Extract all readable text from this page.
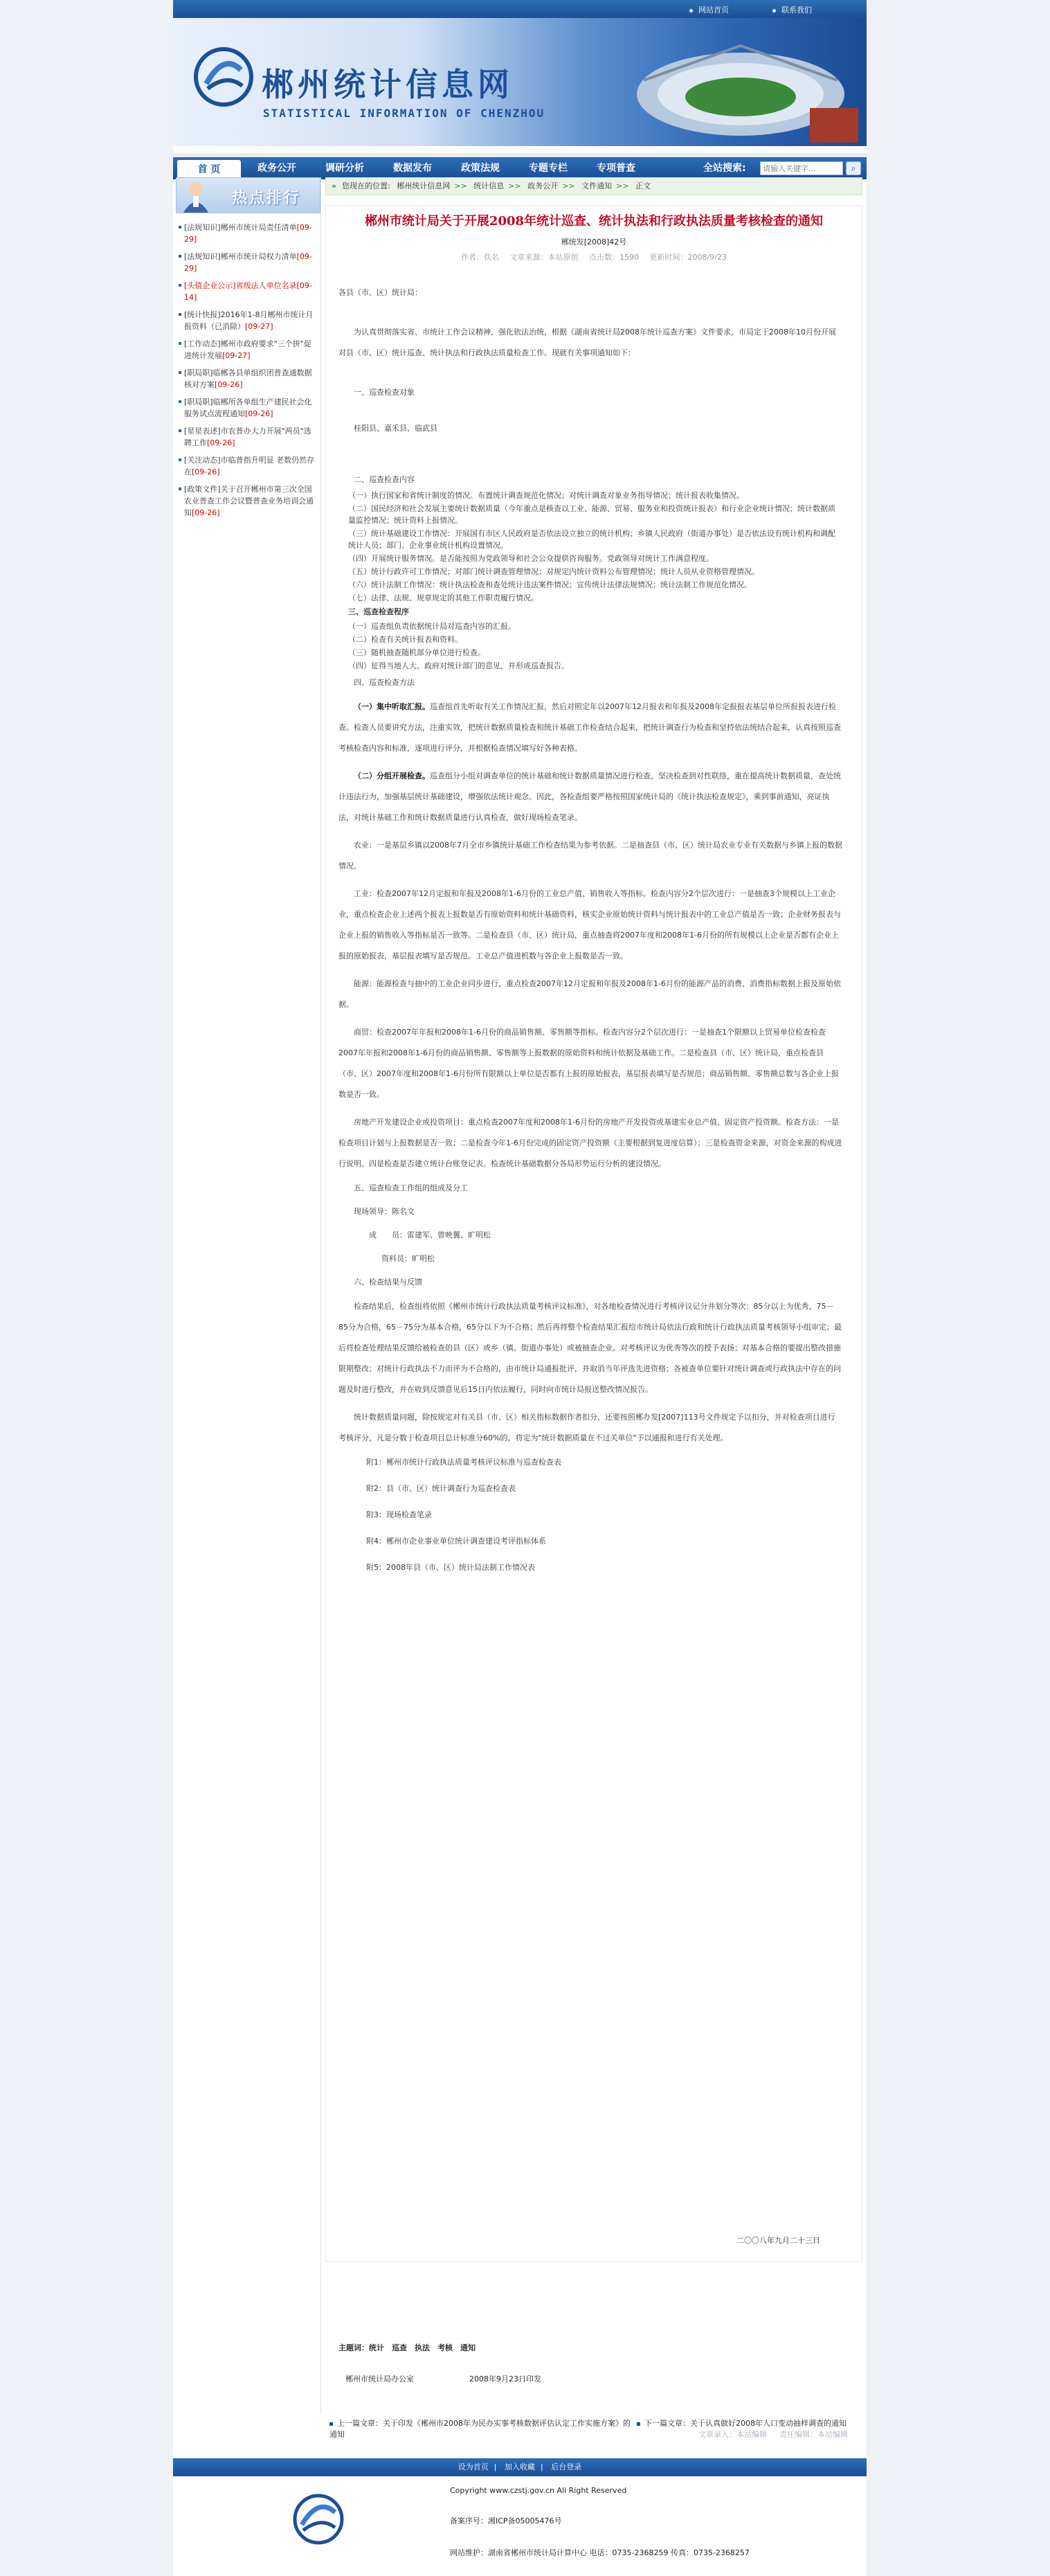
网站首页	联系我们
郴州统计信息网
STATISTICAL INFORMATION OF CHENZHOU
首 页	政务公开	调研分析	数据发布	政策法规	专题专栏	专项普查	全站搜索:
请输入关键字...	⌕
热点排行
[法规知识]郴州市统计局责任清单[09-29]
[法规知识]郴州市统计局权力清单[09-29]
[头值企业公示]省级法人单位名录[09-14]
[统计快报]2016年1-8月郴州市统计月报资料（已消除）[09-27]
[工作动态]郴州市政府要求"三个拼"促进统计发展[09-27]
[职局职]临郴各县单组织团普查通数据核对方案[09-26]
[职局职]临郴所各单组生产建民社会化服务试点流程通知[09-26]
[星星表述]市农普办大力开展"两员"选聘工作[09-26]
[关注动态]市临普指升明显 老数仍然存在[09-26]
[政策文件]关于召开郴州市第三次全国农业普查工作会议暨普查业务培训会通知[09-26]
» 您现在的位置: 郴州统计信息网 >> 统计信息 >> 政务公开 >> 文件通知 >> 正文
郴州市统计局关于开展2008年统计巡查、统计执法和行政执法质量考核检查的通知
郴统发[2008]42号
作者：佚名 文章来源：本站原创 点击数：1590 更新时间：2008/9/23
各县（市、区）统计局：
为认真贯彻落实省、市统计工作会议精神，强化依法治统，根据《湖南省统计局2008年统计巡查方案》文件要求，市局定于2008年10月份开展对县（市、区）统计巡查、统计执法和行政执法质量检查工作。现就有关事项通知如下：
一、巡查检查对象
桂阳县、嘉禾县、临武县
二、巡查检查内容
（一）执行国家和省统计制度的情况。布置统计调查规范化情况；对统计调查对象业务指导情况；统计报表收集情况。
（二）国民经济和社会发展主要统计数据质量（今年重点是核查以工业、能源、贸易、服务业和投资统计报表）和行业企业统计情况；统计数据质量监控情况；统计资料上报情况。
（三）统计基础建设工作情况：开展国有市区人民政府是否依法设立独立的统计机构；乡镇人民政府（街道办事处）是否依法设有统计机构和调配统计人员；部门、企业事业统计机构设置情况。
（四）开展统计服务情况。是否能按照为党政领导和社会公众提供咨询服务。党政领导对统计工作满意程度。
（五）统计行政许可工作情况；对部门统计调查管理情况；对规定内统计资料公布管理情况；统计人员从业资格管理情况。
（六）统计法制工作情况：统计执法检查和查处统计违法案件情况；宣传统计法律法规情况；统计法制工作规范化情况。
（七）法律、法规、规章规定的其他工作职责履行情况。
三、巡查检查程序
（一）巡查组负责依据统计局对巡查内容的汇报。
（二）检查有关统计报表和资料。
（三）随机抽查随机部分单位进行检查。
（四）征得当地人大、政府对统计部门的意见，并形成巡查报告。
四、巡查检查方法
（一）集中听取汇报。巡查组首先听取有关工作情况汇报，然后对照定年以2007年12月报表和年报及2008年定报报表基层单位所报报表进行检查。检查人员要讲究方法，注重实效，把统计数据质量检查和统计基础工作检查结合起来，把统计调查行为检查和坚持依法统结合起来，认真按照巡查考核检查内容和标准，逐项进行评分，并根据检查情况填写好各种表格。
（二）分组开展检查。巡查组分小组对调查单位的统计基础和统计数据质量情况进行检查，坚决检查到对性联络，重在提高统计数据质量，查处统计违法行为，加强基层统计基础建设，增强依法统计观念。因此，各检查组要严格按照国家统计局的《统计执法检查规定》，乘到事前通知，亮证执法，对统计基础工作和统计数据质量进行认真检查，做好现场检查笔录。
农业：一是基层乡镇以2008年7月全市乡镇统计基础工作检查结果为参考依据。二是抽查县（市、区）统计局农业专业有关数据与乡镇上报的数据情况。
工业：检查2007年12月定报和年报及2008年1-6月份的工业总产值、销售收入等指标。检查内容分2个层次进行：一是抽查3个规模以上工业企业，重点检查企业上述两个报表上报数是否有原始资料和统计基础资料，核实企业原始统计资料与统计报表中的工业总产值是否一致；企业财务报表与企业上报的销售收入等指标是否一致等。二是检查县（市、区）统计局，重点抽查将2007年度和2008年1-6月份的所有规模以上企业是否都有企业上报的原始报表，基层报表填写是否规范。工业总产值进机数与各企业上报数是否一致。
能源：能源检查与抽中的工业企业同步进行，重点检查2007年12月定报和年报及2008年1-6月份的能源产品的消费、消费指标数据上报及原始依据。
商贸：检查2007年年报和2008年1-6月份的商品销售额、零售额等指标。检查内容分2个层次进行：一是抽查1个限额以上贸易单位检查检查2007年年报和2008年1-6月份的商品销售额、零售额等上报数据的原始资料和统计依据及基础工作。二是检查县（市、区）统计局，重点检查县（市、区）2007年度和2008年1-6月份所有限额以上单位是否都有上报的原始报表，基层报表填写是否规范；商品销售额、零售额总数与各企业上报数是否一致。
房地产开发建设企业或投资项目：重点检查2007年度和2008年1-6月份的房地产开发投资或基建实业总产值、固定资产投资额。检查方法：一是检查项目计划与上报数据是否一致；二是检查今年1-6月份完成的固定资产投资额（主要根据到复进度信算）；三是检查资金来源，对资金来源的构成进行说明。四是检查是否建立统计台账登记表。检查统计基础数据分各局形势运行分析的建设情况。
五、巡查检查工作组的组成及分工
现场领导：陈名文
成　　员：雷建军、曾映翼、旷明松
资料员：旷明松
六、检查结果与反馈
检查结果后，检查组将依照《郴州市统计行政执法质量考核评议标准》，对各地检查情况进行考核评议记分并划分等次：85分以上为优秀，75－85分为合格，65－75分为基本合格，65分以下为不合格；然后再将整个检查结果汇报给市统计局依法行政和统计行政执法质量考核领导小组审定；最后将检查处理结果反馈给被检查的县（区）或乡（镇、街道办事处）或被抽查企业。对考核评议为优秀等次的授予表扬；对基本合格的要提出整改措施限期整改；对统计行政执法不力而评为不合格的，由市统计局通报批评，并取消当年评选先进资格；各被查单位要针对统计调查或行政执法中存在的问题及时进行整改，并在收到反馈意见后15日内依法履行，同时向市统计局报送整改情况报告。
统计数据质量问题，除按规定对有关县（市、区）相关指标数据作者扣分，还要按照郴办发[2007]113号文件规定予以扣分，并对检查项目进行考核评分，凡是分数于检查项目总计标准分60%的，将定为"统计数据质量在不过关单位"予以通报和进行有关处理。
附1：郴州市统计行政执法质量考核评议标准与巡查检查表
附2：县（市、区）统计调查行为巡查检查表
附3：现场检查笔录
附4：郴州市企业事业单位统计调查建设考评指标体系
附5：2008年县（市、区）统计局法制工作情况表
二〇〇八年九月二十三日
主题词：统计　巡查　执法　考核　通知
郴州市统计局办公室	2008年9月23日印发
文章录入：本站编辑 责任编辑：本站编辑
上一篇文章：关于印发《郴州市2008年为民办实事考核数据评估认定工作实施方案》的通知
下一篇文章：关于认真做好2008年人口变动抽样调查的通知
设为首页 | 加入收藏 | 后台登录
Copyright www.czstj.gov.cn All Right Reserved
备案序号：湘ICP备05005476号
网站维护：湖南省郴州市统计局计算中心 电话：0735-2368259 传真：0735-2368257
